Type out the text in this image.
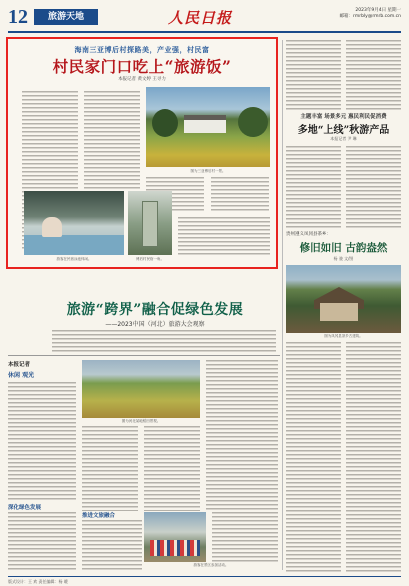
12	旅游天地	人民日报	2023年9月4日 星期一
邮箱：rmrbly@rmrb.com.cn
海南三亚博后村探路美，产业强，村民富
村民家门口吃上“旅游饭”
本报记者 黄文婷 王寻力
图为三亚博后村一景。
游客在民宿泳池休闲。	博后村民宿一角。
主题丰富 场景多元 惠民利民促消费
多地“上线”秋游产品
本报记者 尹 琳
贵州遵义凤冈县茶乡：
修旧如旧 古韵盎然
杨 骏 文/图
图为凤冈县茶乡古建筑。
旅游“跨界”融合促绿色发展
——2023中国（河北）旅游大会观察
本报记者
休闲 观光
深化绿色发展
图为河北某地稻田景观。
推进文旅融合
游客在景区参加活动。
版式设计：王 欢 责任编辑：杨 暖
